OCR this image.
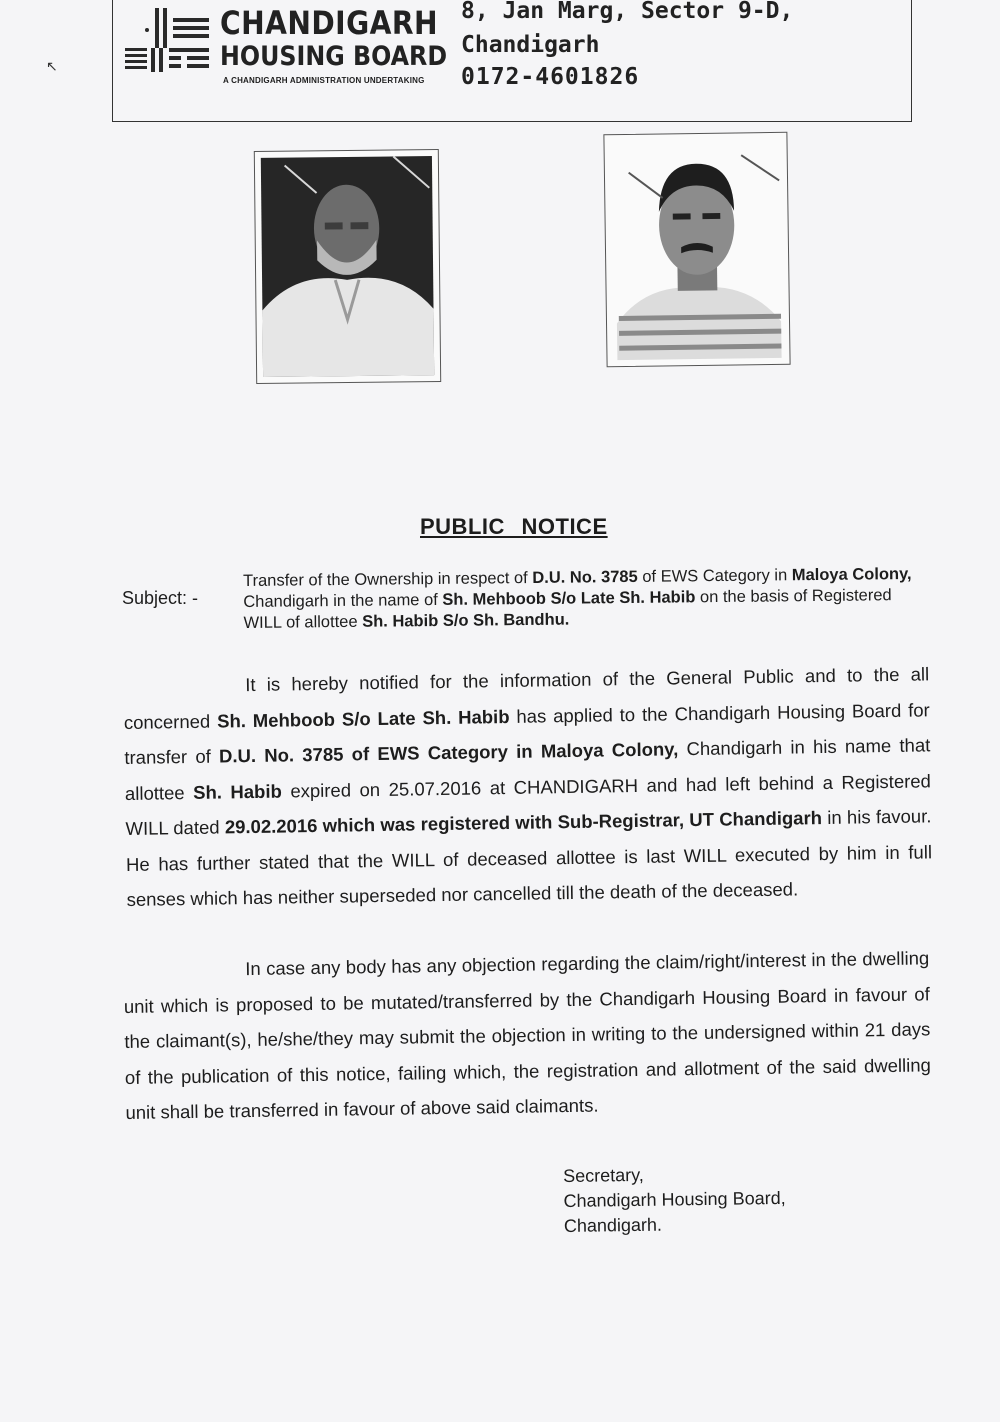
CHANDIGARH
HOUSING BOARD
A CHANDIGARH ADMINISTRATION UNDERTAKING
8, Jan Marg, Sector 9-D,
Chandigarh
0172-4601826
PUBLIC NOTICE
Subject: -
Transfer of the Ownership in respect of D.U. No. 3785 of EWS Category in Maloya Colony, Chandigarh in the name of Sh. Mehboob S/o Late Sh. Habib on the basis of Registered WILL of allottee Sh. Habib S/o Sh. Bandhu.
It is hereby notified for the information of the General Public and to the all concerned Sh. Mehboob S/o Late Sh. Habib has applied to the Chandigarh Housing Board for transfer of D.U. No. 3785 of EWS Category in Maloya Colony, Chandigarh in his name that allottee Sh. Habib expired on 25.07.2016 at CHANDIGARH and had left behind a Registered WILL dated 29.02.2016 which was registered with Sub-Registrar, UT Chandigarh in his favour. He has further stated that the WILL of deceased allottee is last WILL executed by him in full senses which has neither superseded nor cancelled till the death of the deceased.
In case any body has any objection regarding the claim/right/interest in the dwelling unit which is proposed to be mutated/transferred by the Chandigarh Housing Board in favour of the claimant(s), he/she/they may submit the objection in writing to the undersigned within 21 days of the publication of this notice, failing which, the registration and allotment of the said dwelling unit shall be transferred in favour of above said claimants.
Secretary,
Chandigarh Housing Board,
Chandigarh.
↖
